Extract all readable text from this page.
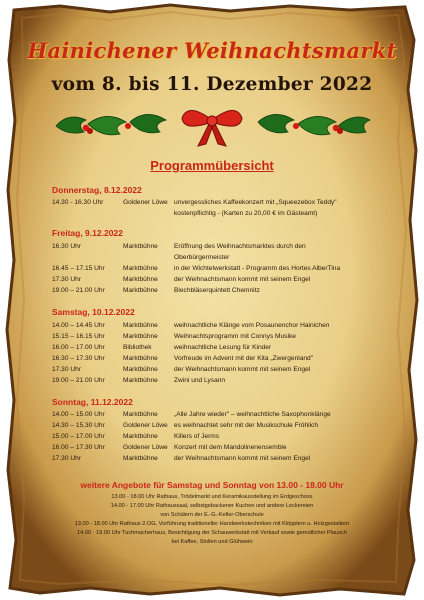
Hainichener Weihnachtsmarkt
vom 8. bis 11. Dezember 2022
Programmübersicht
Donnerstag, 8.12.2022
14.30 - 16.30 Uhr	Goldener Löwe unvergessliches Kaffeekonzert mit „Squeezebox Teddy"
kostenpflichtig - (Karten zu 20,00 € im Gästeamt)
Freitag, 9.12.2022
16.30 Uhr	Marktbühne Eröffnung des Weihnachtsmarktes durch den
Oberbürgermeister
16.45 – 17.15 Uhr	Marktbühne in der Wichtelwerkstatt - Programm des Hortes AlberTina
17.30 Uhr	Marktbühne der Weihnachtsmann kommt mit seinem Engel
19.00 – 21.00 Uhr	Marktbühne Blechbläserquintett Chemnitz
Samstag, 10.12.2022
14.00 – 14.45 Uhr	Marktbühne weihnachtliche Klänge vom Posaunenchor Hainichen
15.15 – 16.15 Uhr	Marktbühne Weihnachtsprogramm mit Connys Musike
16.00 – 17.00 Uhr	Bibliothek	weihnachtliche Lesung für Kinder
16.30 – 17.30 Uhr	Marktbühne Vorfreude im Advent mit der Kita „Zwergenland"
17.30 Uhr	Marktbühne der Weihnachtsmann kommt mit seinem Engel
19.00 – 21.00 Uhr	Marktbühne Zwini und Lysann
Sonntag, 11.12.2022
14.00 – 15.00 Uhr	Marktbühne „Alle Jahre wieder" – weihnachtliche Saxophonklänge
14.30 – 15.30 Uhr	Goldener Löwe es weihnachtet sehr mit der Musikschule Fröhlich
15.00 – 17.00 Uhr	Marktbühne Killers of Jerms
16.00 – 17.30 Uhr	Goldener Löwe Konzert mit dem Mandolinenensemble
17.30 Uhr	Marktbühne der Weihnachtsmann kommt mit seinem Engel
weitere Angebote für Samstag und Sonntag von 13.00 - 18.00 Uhr
13.00 - 18.00 Uhr Rathaus, Trödelmarkt und Keramikausstellung im Erdgeschoss
14.00 - 17.00 Uhr Rathaussaal, selbstgebackener Kuchen und andere Leckereien
von Schülern der E.-G.-Keller-Oberschule
13.00 - 18.00 Uhr Rathaus 2.OG, Vorführung traditioneller Handwerkstechniken mit Klöpplern u. Holzgestaltern
14.00 - 19.00 Uhr Tuchmacherhaus, Besichtigung der Schauwerkstatt mit Verkauf sowie gemütlicher Plausch
bei Kaffee, Stollen und Glühwein
